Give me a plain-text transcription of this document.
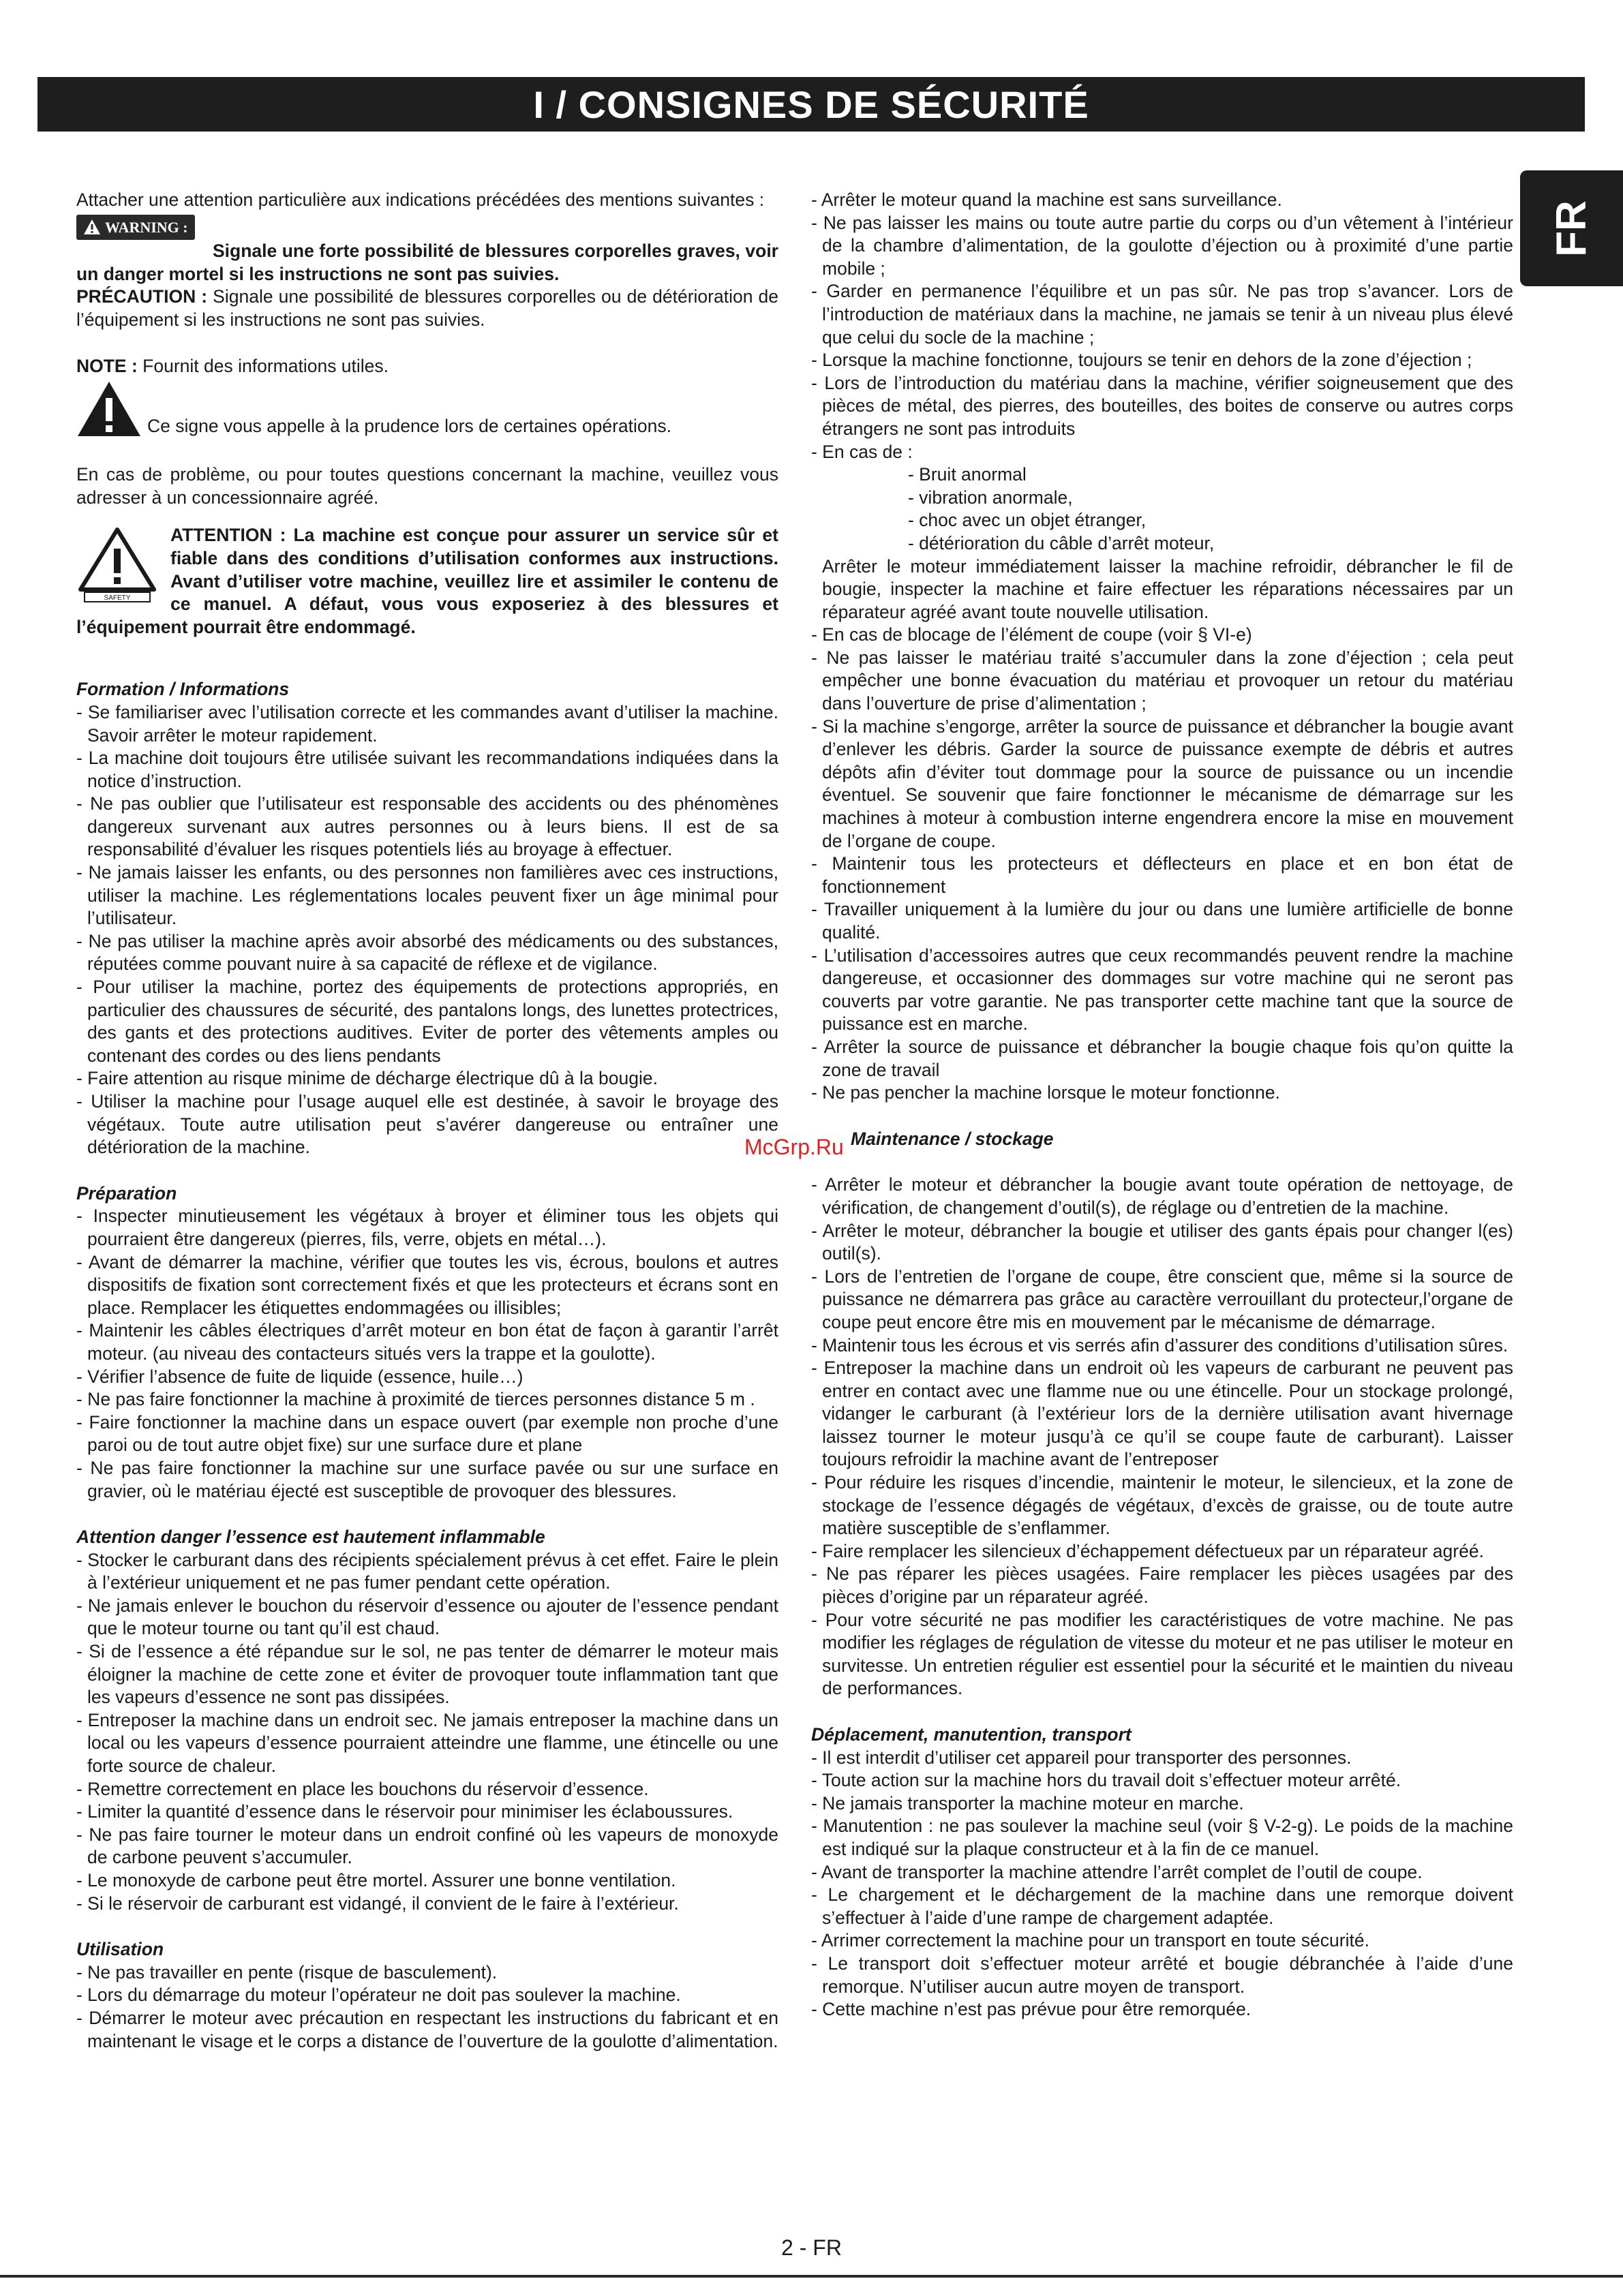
I / CONSIGNES DE SÉCURITÉ
FR

Attacher une attention particulière aux indications précédées des mentions suivantes :

WARNING :

Signale une forte possibilité de blessures corporelles graves, voir un danger mortel si les instructions ne sont pas suivies.

PRÉCAUTION : Signale une possibilité de blessures corporelles ou de détérioration de l’équipement si les instructions ne sont pas suivies.

NOTE : Fournit des informations utiles.

Ce signe vous appelle à la prudence lors de certaines opérations.

En cas de problème, ou pour toutes questions concernant la machine, veuillez vous adresser à un concessionnaire agréé.

SAFETY

ATTENTION : La machine est conçue pour assurer un service sûr et fiable dans des conditions d’utilisation conformes aux instructions. Avant d’utiliser votre machine, veuillez lire et assimiler le contenu de ce manuel. A défaut, vous vous exposeriez à des blessures et l’équipement pourrait être endommagé.

Formation / Informations

- Se familiariser avec l’utilisation correcte et les commandes avant d’utiliser la machine. Savoir arrêter le moteur rapidement.

- La machine doit toujours être utilisée suivant les recommandations indiquées dans la notice d’instruction.

- Ne pas oublier que l’utilisateur est responsable des accidents ou des phénomènes dangereux survenant aux autres personnes ou à leurs biens. Il est de sa responsabilité d’évaluer les risques potentiels liés au broyage à effectuer.

- Ne jamais laisser les enfants, ou des personnes non familières avec ces instructions, utiliser la machine. Les réglementations locales peuvent fixer un âge minimal pour l’utilisateur.

- Ne pas utiliser la machine après avoir absorbé des médicaments ou des substances, réputées comme pouvant nuire à sa capacité de réflexe et de vigilance.

- Pour utiliser la machine, portez des équipements de protections appropriés, en particulier des chaussures de sécurité, des pantalons longs, des lunettes protectrices, des gants et des protections auditives. Eviter de porter des vêtements amples ou contenant des cordes ou des liens pendants

- Faire attention au risque minime de décharge électrique dû à la bougie.

- Utiliser la machine pour l’usage auquel elle est destinée, à savoir le broyage des végétaux. Toute autre utilisation peut s’avérer dangereuse ou entraîner une détérioration de la machine.

Préparation

- Inspecter minutieusement les végétaux à broyer et éliminer tous les objets qui pourraient être dangereux (pierres, fils, verre, objets en métal…).

- Avant de démarrer la machine, vérifier que toutes les vis, écrous, boulons et autres dispositifs de fixation sont correctement fixés et que les protecteurs et écrans sont en place. Remplacer les étiquettes endommagées ou illisibles;

- Maintenir les câbles électriques d’arrêt moteur en bon état de façon à garantir l’arrêt moteur. (au niveau des contacteurs situés vers la trappe et la goulotte).

- Vérifier l’absence de fuite de liquide (essence, huile…)

- Ne pas faire fonctionner la machine à proximité de tierces personnes distance 5 m .

- Faire fonctionner la machine dans un espace ouvert (par exemple non proche d’une paroi ou de tout autre objet fixe) sur une surface dure et plane

- Ne pas faire fonctionner la machine sur une surface pavée ou sur une surface en gravier, où le matériau éjecté est susceptible de provoquer des blessures.

Attention danger l’essence est hautement inflammable

- Stocker le carburant dans des récipients spécialement prévus à cet effet. Faire le plein à l’extérieur uniquement et ne pas fumer pendant cette opération.

- Ne jamais enlever le bouchon du réservoir d’essence ou ajouter de l’essence pendant que le moteur tourne ou tant qu’il est chaud.

- Si de l’essence a été répandue sur le sol, ne pas tenter de démarrer le moteur mais éloigner la machine de cette zone et éviter de provoquer toute inflammation tant que les vapeurs d’essence ne sont pas dissipées.

- Entreposer la machine dans un endroit sec. Ne jamais entreposer la machine dans un local ou les vapeurs d’essence pourraient atteindre une flamme, une étincelle ou une forte source de chaleur.

- Remettre correctement en place les bouchons du réservoir d’essence.

- Limiter la quantité d’essence dans le réservoir pour minimiser les éclaboussures.

- Ne pas faire tourner le moteur dans un endroit confiné où les vapeurs de monoxyde de carbone peuvent s’accumuler.

- Le monoxyde de carbone peut être mortel. Assurer une bonne ventilation.

- Si le réservoir de carburant est vidangé, il convient de le faire à l’extérieur.

Utilisation

- Ne pas travailler en pente (risque de basculement).

- Lors du démarrage du moteur l’opérateur ne doit pas soulever la machine.

- Démarrer le moteur avec précaution en respectant les instructions du fabricant et en maintenant le visage et le corps a distance de l’ouverture de la goulotte d’alimentation.

- Arrêter le moteur quand la machine est sans surveillance.

- Ne pas laisser les mains ou toute autre partie du corps ou d’un vêtement à l’intérieur de la chambre d’alimentation, de la goulotte d’éjection ou à proximité d’une partie mobile ;

- Garder en permanence l’équilibre et un pas sûr. Ne pas trop s’avancer. Lors de l’introduction de matériaux dans la machine, ne jamais se tenir à un niveau plus élevé que celui du socle de la machine ;

- Lorsque la machine fonctionne, toujours se tenir en dehors de la zone d’éjection ;

- Lors de l’introduction du matériau dans la machine, vérifier soigneusement que des pièces de métal, des pierres, des bouteilles, des boites de conserve ou autres corps étrangers ne sont pas introduits

- En cas de :

- Bruit anormal

- vibration anormale,

- choc avec un objet étranger,

- détérioration du câble d’arrêt moteur,

Arrêter le moteur immédiatement laisser la machine refroidir, débrancher le fil de bougie, inspecter la machine et faire effectuer les réparations nécessaires par un réparateur agréé avant toute nouvelle utilisation.

- En cas de blocage de l’élément de coupe (voir § VI-e)

- Ne pas laisser le matériau traité s’accumuler dans la zone d’éjection ; cela peut empêcher une bonne évacuation du matériau et provoquer un retour du matériau dans l’ouverture de prise d’alimentation ;

- Si la machine s’engorge, arrêter la source de puissance et débrancher la bougie avant d’enlever les débris. Garder la source de puissance exempte de débris et autres dépôts afin d’éviter tout dommage pour la source de puissance ou un incendie éventuel. Se souvenir que faire fonctionner le mécanisme de démarrage sur les machines à moteur à combustion interne engendrera encore la mise en mouvement de l’organe de coupe.

- Maintenir tous les protecteurs et déflecteurs en place et en bon état de fonctionnement

- Travailler uniquement à la lumière du jour ou dans une lumière artificielle de bonne qualité.

- L’utilisation d’accessoires autres que ceux recommandés peuvent rendre la machine dangereuse, et occasionner des dommages sur votre machine qui ne seront pas couverts par votre garantie. Ne pas transporter cette machine tant que la source de puissance est en marche.

- Arrêter la source de puissance et débrancher la bougie chaque fois qu’on quitte la zone de travail

- Ne pas pencher la machine lorsque le moteur fonctionne.

Maintenance / stockage

- Arrêter le moteur et débrancher la bougie avant toute opération de nettoyage, de vérification, de changement d’outil(s), de réglage ou d’entretien de la machine.

- Arrêter le moteur, débrancher la bougie et utiliser des gants épais pour changer l(es) outil(s).

- Lors de l’entretien de l’organe de coupe, être conscient que, même si la source de puissance ne démarrera pas grâce au caractère verrouillant du protecteur,l’organe de coupe peut encore être mis en mouvement par le mécanisme de démarrage.

- Maintenir tous les écrous et vis serrés afin d’assurer des conditions d’utilisation sûres.

- Entreposer la machine dans un endroit où les vapeurs de carburant ne peuvent pas entrer en contact avec une flamme nue ou une étincelle. Pour un stockage prolongé, vidanger le carburant (à l’extérieur lors de la dernière utilisation avant hivernage laissez tourner le moteur jusqu’à ce qu’il se coupe faute de carburant). Laisser toujours refroidir la machine avant de l’entreposer

- Pour réduire les risques d’incendie, maintenir le moteur, le silencieux, et la zone de stockage de l’essence dégagés de végétaux, d’excès de graisse, ou de toute autre matière susceptible de s’enflammer.

- Faire remplacer les silencieux d’échappement défectueux par un réparateur agréé.

- Ne pas réparer les pièces usagées. Faire remplacer les pièces usagées par des pièces d’origine par un réparateur agréé.

- Pour votre sécurité ne pas modifier les caractéristiques de votre machine. Ne pas modifier les réglages de régulation de vitesse du moteur et ne pas utiliser le moteur en survitesse. Un entretien régulier est essentiel pour la sécurité et le maintien du niveau de performances.

Déplacement, manutention, transport

- Il est interdit d’utiliser cet appareil pour transporter des personnes.

- Toute action sur la machine hors du travail doit s’effectuer moteur arrêté.

- Ne jamais transporter la machine moteur en marche.

- Manutention : ne pas soulever la machine seul (voir § V-2-g). Le poids de la machine est indiqué sur la plaque constructeur et à la fin de ce manuel.

- Avant de transporter la machine attendre l’arrêt complet de l’outil de coupe.

- Le chargement et le déchargement de la machine dans une remorque doivent s’effectuer à l’aide d’une rampe de chargement adaptée.

- Arrimer correctement la machine pour un transport en toute sécurité.

- Le transport doit s’effectuer moteur arrêté et bougie débranchée à l’aide d’une remorque. N’utiliser aucun autre moyen de transport.

- Cette machine n’est pas prévue pour être remorquée.

McGrp.Ru
2 - FR
